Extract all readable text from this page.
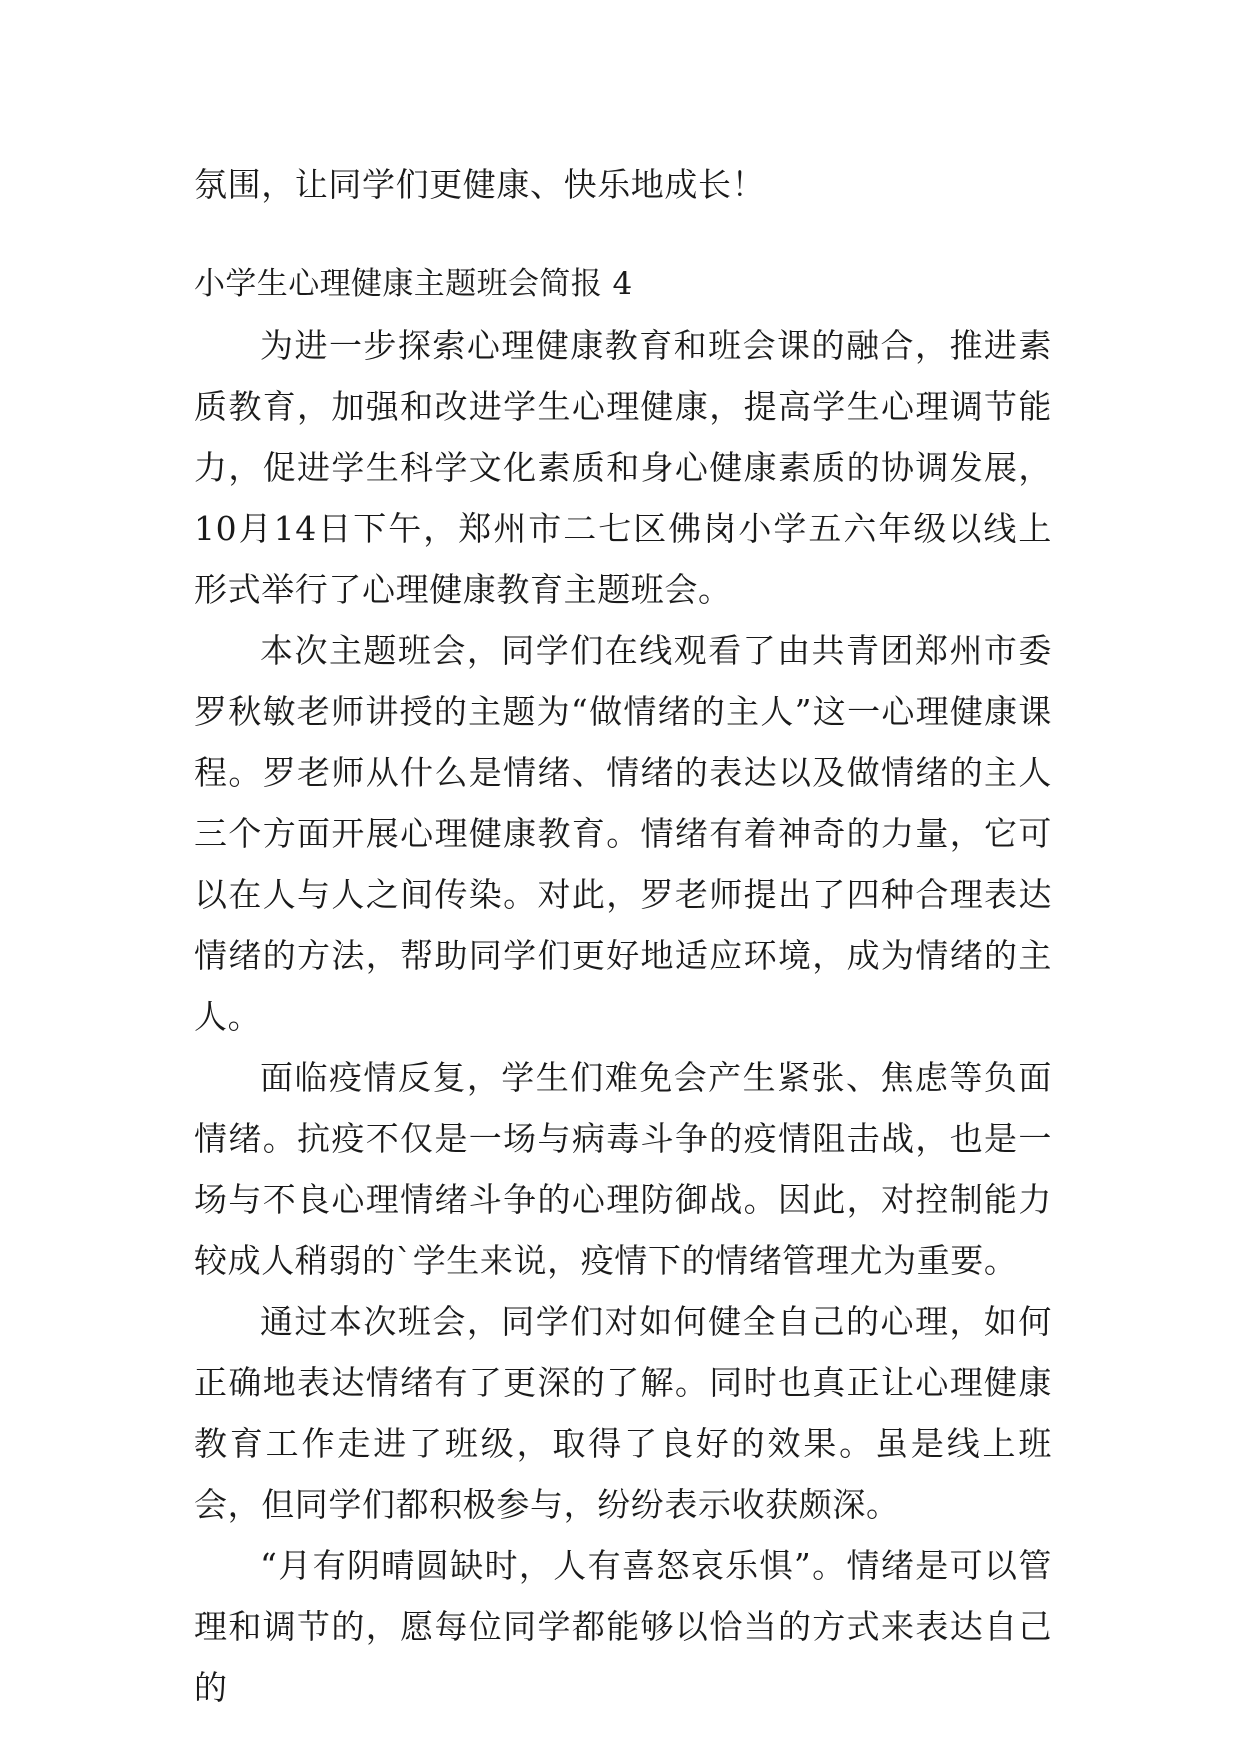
氛围，让同学们更健康、快乐地成长！

小学生心理健康主题班会简报 4

为进一步探索心理健康教育和班会课的融合，推进素质教育，加强和改进学生心理健康，提高学生心理调节能力，促进学生科学文化素质和身心健康素质的协调发展，10月14日下午，郑州市二七区佛岗小学五六年级以线上形式举行了心理健康教育主题班会。

本次主题班会，同学们在线观看了由共青团郑州市委罗秋敏老师讲授的主题为“做情绪的主人”这一心理健康课程。罗老师从什么是情绪、情绪的表达以及做情绪的主人三个方面开展心理健康教育。情绪有着神奇的力量，它可以在人与人之间传染。对此，罗老师提出了四种合理表达情绪的方法，帮助同学们更好地适应环境，成为情绪的主人。

面临疫情反复，学生们难免会产生紧张、焦虑等负面情绪。抗疫不仅是一场与病毒斗争的疫情阻击战，也是一场与不良心理情绪斗争的心理防御战。因此，对控制能力较成人稍弱的`学生来说，疫情下的情绪管理尤为重要。

通过本次班会，同学们对如何健全自己的心理，如何正确地表达情绪有了更深的了解。同时也真正让心理健康教育工作走进了班级，取得了良好的效果。虽是线上班会，但同学们都积极参与，纷纷表示收获颇深。

“月有阴晴圆缺时，人有喜怒哀乐惧”。情绪是可以管理和调节的，愿每位同学都能够以恰当的方式来表达自己的
